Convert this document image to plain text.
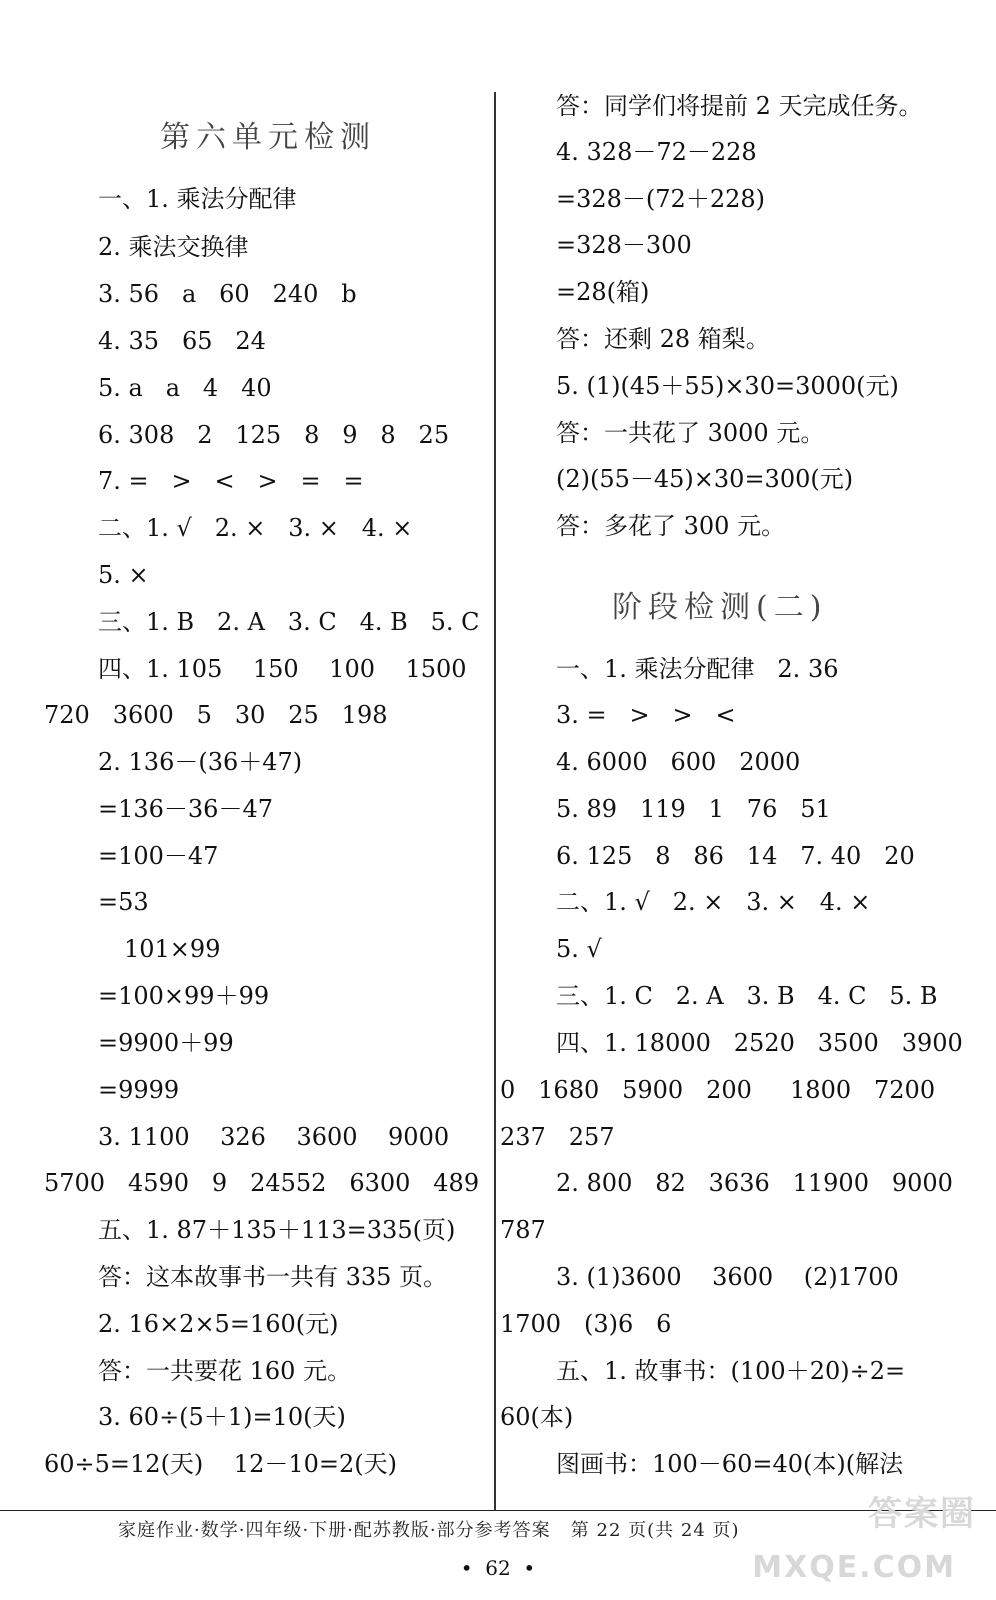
第六单元检测
一、1. 乘法分配律
2. 乘法交换律
3. 56   a   60   240   b
4. 35   65   24
5. a   a   4   40
6. 308   2   125   8   9   8   25
7. =   >   <   >   =   =
二、1. √   2. ×   3. ×   4. ×
5. ×
三、1. B   2. A   3. C   4. B   5. C
四、1. 105    150    100    1500
720   3600   5   30   25   198
2. 136－(36＋47)
=136－36－47
=100－47
=53
101×99
=100×99＋99
=9900＋99
=9999
3. 1100    326    3600    9000
5700   4590   9   24552   6300   489
五、1. 87＋135＋113=335(页)
答：这本故事书一共有 335 页。
2. 16×2×5=160(元)
答：一共要花 160 元。
3. 60÷(5＋1)=10(天)
60÷5=12(天)    12－10=2(天)
答：同学们将提前 2 天完成任务。
4. 328－72－228
=328－(72＋228)
=328－300
=28(箱)
答：还剩 28 箱梨。
5. (1)(45＋55)×30=3000(元)
答：一共花了 3000 元。
(2)(55－45)×30=300(元)
答：多花了 300 元。
阶段检测(二)
一、1. 乘法分配律   2. 36
3. =   >   >   <
4. 6000   600   2000
5. 89   119   1   76   51
6. 125   8   86   14   7. 40   20
二、1. √   2. ×   3. ×   4. ×
5. √
三、1. C   2. A   3. B   4. C   5. B
四、1. 18000   2520   3500   3900
0   1680   5900   200     1800   7200
237   257
2. 800   82   3636   11900   9000
787
3. (1)3600    3600    (2)1700
1700   (3)6   6
五、1. 故事书：(100＋20)÷2=
60(本)
图画书：100－60=40(本)(解法
家庭作业·数学·四年级·下册·配苏教版·部分参考答案   第 22 页(共 24 页)
•  62  •
答案圈
MXQE.COM
